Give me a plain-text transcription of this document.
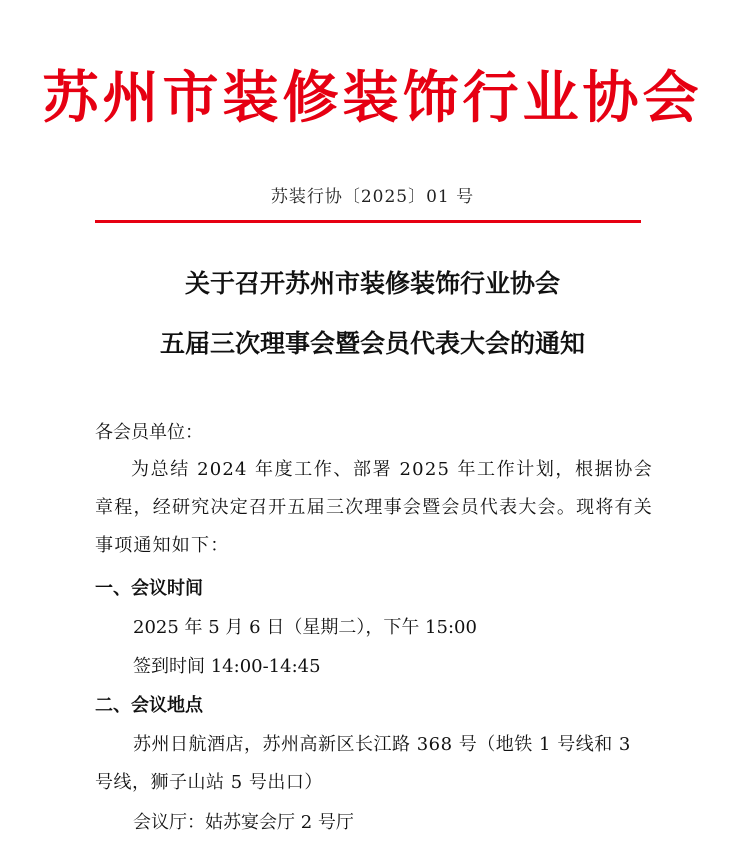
苏州市装修装饰行业协会
苏装行协〔2025〕01 号
关于召开苏州市装修装饰行业协会
五届三次理事会暨会员代表大会的通知
各会员单位：
为总结 2024 年度工作、部署 2025 年工作计划，根据协会章程，经研究决定召开五届三次理事会暨会员代表大会。现将有关事项通知如下：
一、会议时间
2025 年 5 月 6 日（星期二），下午 15:00
签到时间 14:00-14:45
二、会议地点
苏州日航酒店，苏州高新区长江路 368 号（地铁 1 号线和 3 号线，狮子山站 5 号出口）
会议厅：姑苏宴会厅 2 号厅
